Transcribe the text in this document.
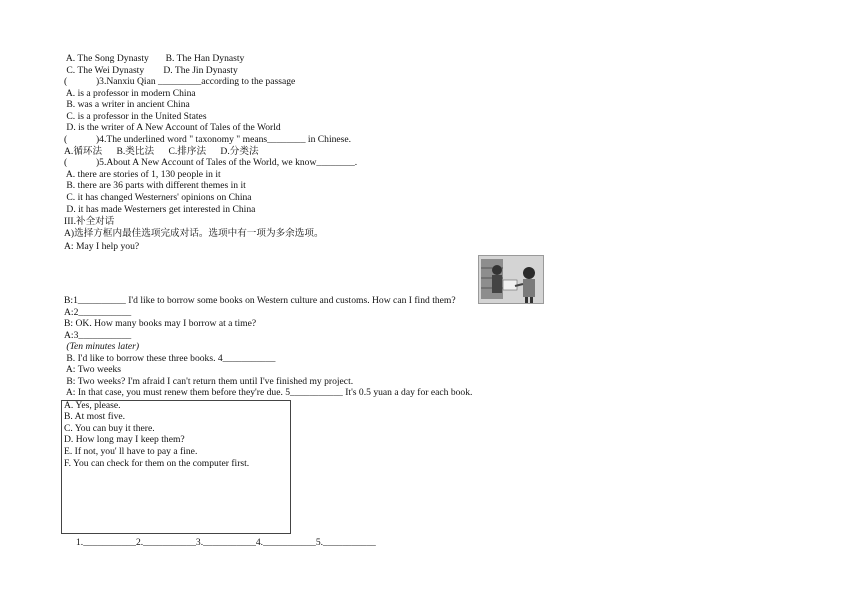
A. The Song Dynasty       B. The Han Dynasty
C. The Wei Dynasty        D. The Jin Dynasty
(            )3.Nanxiu Qian _________according to the passage
A. is a professor in modern China
B. was a writer in ancient China
C. is a professor in the United States
D. is the writer of A New Account of Tales of the World
(            )4.The underlined word " taxonomy " means________ in Chinese.
A.循环法      B.类比法      C.排序法      D.分类法
(            )5.About A New Account of Tales of the World, we know________.
A. there are stories of 1, 130 people in it
B. there are 36 parts with different themes in it
C. it has changed Westerners' opinions on China
D. it has made Westerners get interested in China
III.补全对话
A)选择方框内最佳选项完成对话。选项中有一项为多余选项。
A: May I help you?
B:1__________ I'd like to borrow some books on Western culture and customs. How can I find them?
A:2___________
B: OK. How many books may I borrow at a time?
A:3___________
(Ten minutes later)
B. I'd like to borrow these three books. 4___________
A: Two weeks
B: Two weeks? I'm afraid I can't return them until I've finished my project.
A: In that case, you must renew them before they're due. 5___________ It's 0.5 yuan a day for each book.
A. Yes, please.
B. At most five.
C. You can buy it there.
D. How long may I keep them?
E. If not, you' ll have to pay a fine.
F. You can check for them on the computer first.
1.___________2.___________3.___________4.___________5.___________
